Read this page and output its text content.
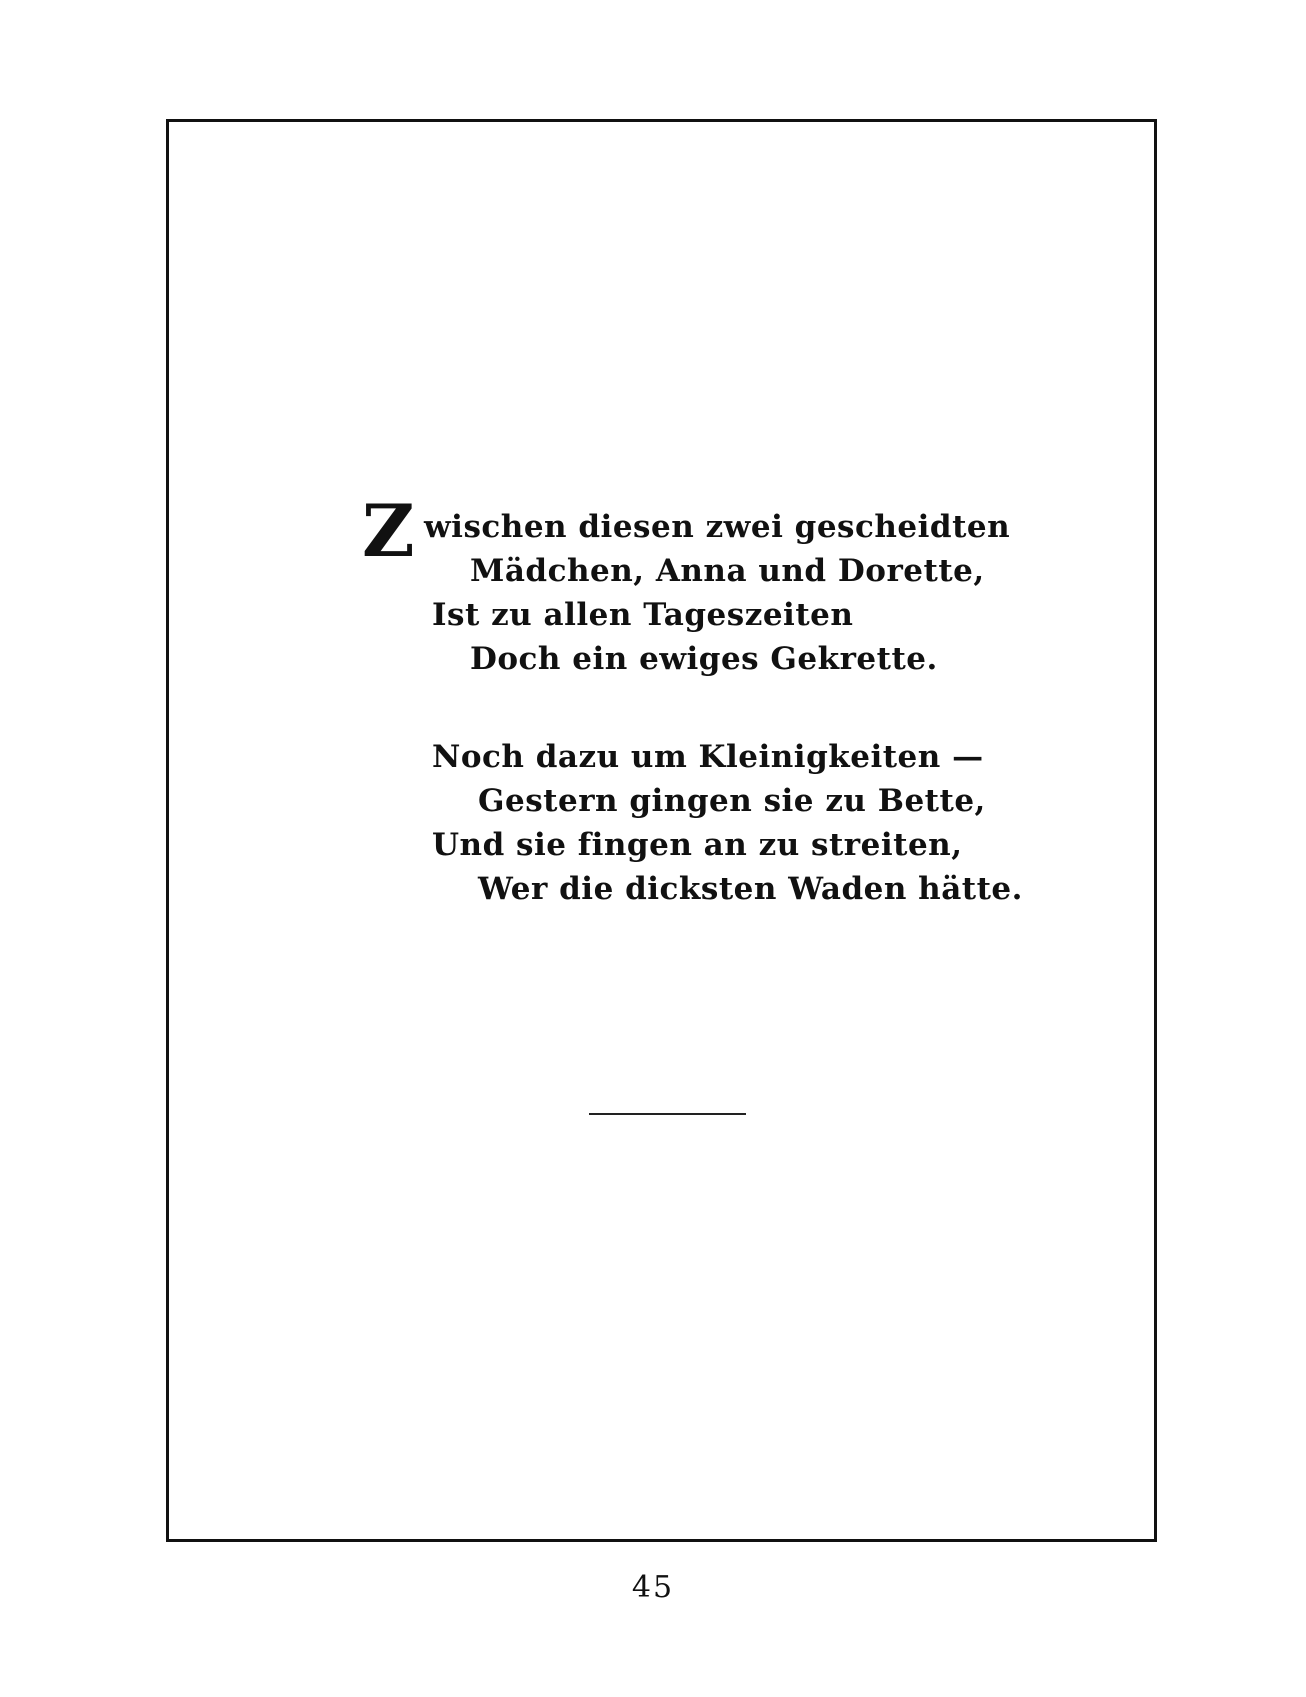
Z wischen diesen zwei gescheidten
Mädchen, Anna und Dorette,
Ist zu allen Tageszeiten
Doch ein ewiges Gekrette.
Noch dazu um Kleinigkeiten —
Gestern gingen sie zu Bette,
Und sie fingen an zu streiten,
Wer die dicksten Waden hätte.
45
